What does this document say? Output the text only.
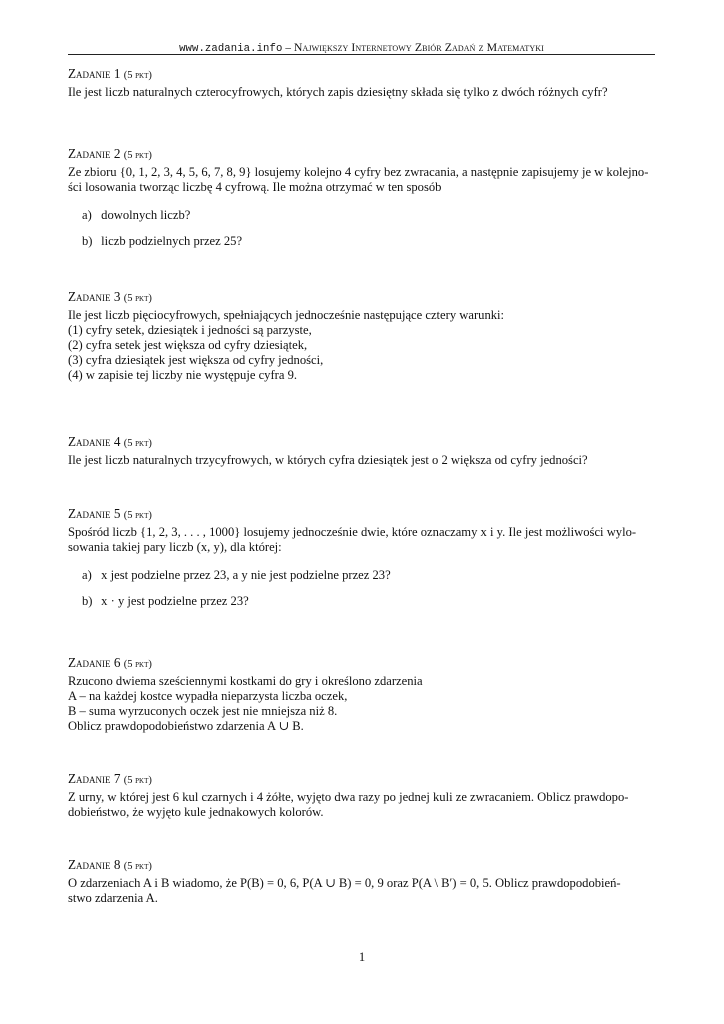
www.zadania.info – Największy Internetowy Zbiór Zadań z Matematyki
Zadanie 1 (5 pkt)
Ile jest liczb naturalnych czterocyfrowych, których zapis dziesiętny składa się tylko z dwóch różnych cyfr?
Zadanie 2 (5 pkt)
Ze zbioru {0, 1, 2, 3, 4, 5, 6, 7, 8, 9} losujemy kolejno 4 cyfry bez zwracania, a następnie zapisujemy je w kolejno-
ści losowania tworząc liczbę 4 cyfrową. Ile można otrzymać w ten sposób
a) dowolnych liczb?
b) liczb podzielnych przez 25?
Zadanie 3 (5 pkt)
Ile jest liczb pięciocyfrowych, spełniających jednocześnie następujące cztery warunki:
(1) cyfry setek, dziesiątek i jedności są parzyste,
(2) cyfra setek jest większa od cyfry dziesiątek,
(3) cyfra dziesiątek jest większa od cyfry jedności,
(4) w zapisie tej liczby nie występuje cyfra 9.
Zadanie 4 (5 pkt)
Ile jest liczb naturalnych trzycyfrowych, w których cyfra dziesiątek jest o 2 większa od cyfry jedności?
Zadanie 5 (5 pkt)
Spośród liczb {1, 2, 3, . . . , 1000} losujemy jednocześnie dwie, które oznaczamy x i y. Ile jest możliwości wylo-
sowania takiej pary liczb (x, y), dla której:
a) x jest podzielne przez 23, a y nie jest podzielne przez 23?
b) x · y jest podzielne przez 23?
Zadanie 6 (5 pkt)
Rzucono dwiema sześciennymi kostkami do gry i określono zdarzenia
A – na każdej kostce wypadła nieparzysta liczba oczek,
B – suma wyrzuconych oczek jest nie mniejsza niż 8.
Oblicz prawdopodobieństwo zdarzenia A ∪ B.
Zadanie 7 (5 pkt)
Z urny, w której jest 6 kul czarnych i 4 żółte, wyjęto dwa razy po jednej kuli ze zwracaniem. Oblicz prawdopo-
dobieństwo, że wyjęto kule jednakowych kolorów.
Zadanie 8 (5 pkt)
O zdarzeniach A i B wiadomo, że P(B) = 0, 6, P(A ∪ B) = 0, 9 oraz P(A \ B′) = 0, 5. Oblicz prawdopodobień-
stwo zdarzenia A.
1
